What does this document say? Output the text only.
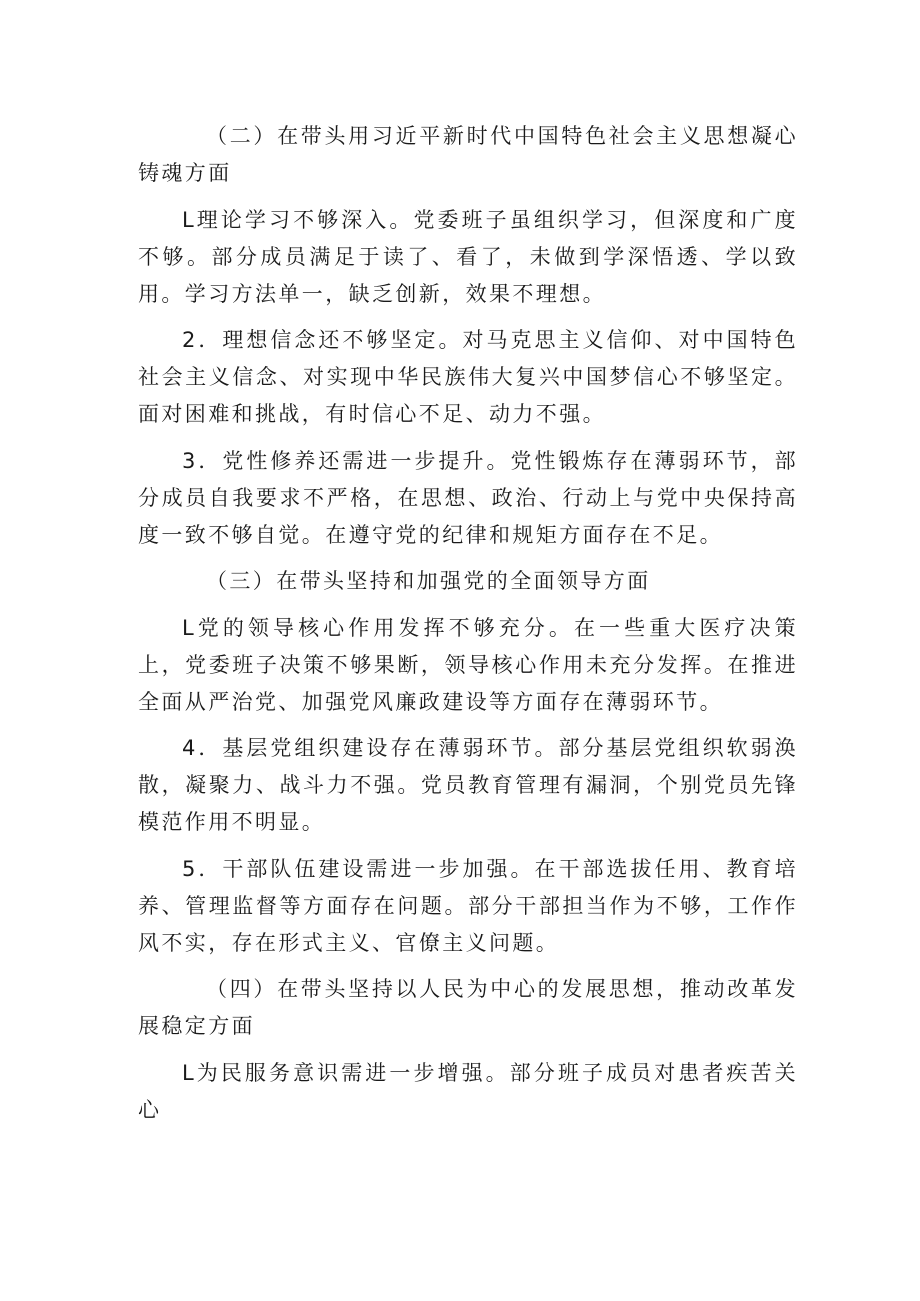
（二）在带头用习近平新时代中国特色社会主义思想凝心铸魂方面

L理论学习不够深入。党委班子虽组织学习，但深度和广度不够。部分成员满足于读了、看了，未做到学深悟透、学以致用。学习方法单一，缺乏创新，效果不理想。

2．理想信念还不够坚定。对马克思主义信仰、对中国特色社会主义信念、对实现中华民族伟大复兴中国梦信心不够坚定。面对困难和挑战，有时信心不足、动力不强。

3．党性修养还需进一步提升。党性锻炼存在薄弱环节，部分成员自我要求不严格，在思想、政治、行动上与党中央保持高度一致不够自觉。在遵守党的纪律和规矩方面存在不足。

（三）在带头坚持和加强党的全面领导方面

L党的领导核心作用发挥不够充分。在一些重大医疗决策上，党委班子决策不够果断，领导核心作用未充分发挥。在推进全面从严治党、加强党风廉政建设等方面存在薄弱环节。

4．基层党组织建设存在薄弱环节。部分基层党组织软弱涣散，凝聚力、战斗力不强。党员教育管理有漏洞，个别党员先锋模范作用不明显。

5．干部队伍建设需进一步加强。在干部选拔任用、教育培养、管理监督等方面存在问题。部分干部担当作为不够，工作作风不实，存在形式主义、官僚主义问题。

（四）在带头坚持以人民为中心的发展思想，推动改革发展稳定方面

L为民服务意识需进一步增强。部分班子成员对患者疾苦关心
